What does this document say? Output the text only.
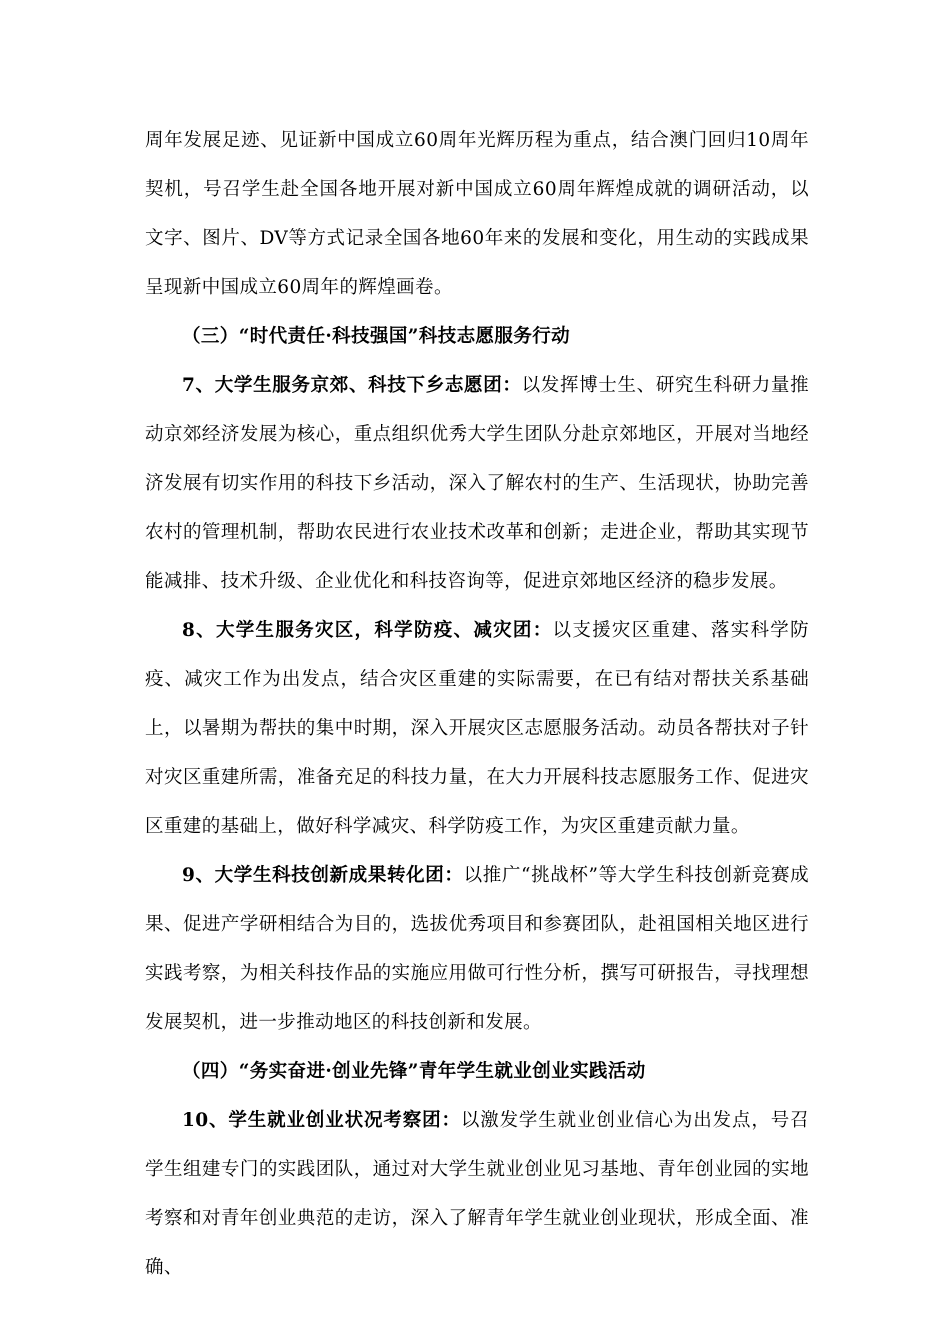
周年发展足迹、见证新中国成立60周年光辉历程为重点，结合澳门回归10周年契机，号召学生赴全国各地开展对新中国成立60周年辉煌成就的调研活动，以文字、图片、DV等方式记录全国各地60年来的发展和变化，用生动的实践成果呈现新中国成立60周年的辉煌画卷。

（三）“时代责任·科技强国”科技志愿服务行动

7、大学生服务京郊、科技下乡志愿团：以发挥博士生、研究生科研力量推动京郊经济发展为核心，重点组织优秀大学生团队分赴京郊地区，开展对当地经济发展有切实作用的科技下乡活动，深入了解农村的生产、生活现状，协助完善农村的管理机制，帮助农民进行农业技术改革和创新；走进企业，帮助其实现节能减排、技术升级、企业优化和科技咨询等，促进京郊地区经济的稳步发展。

8、大学生服务灾区，科学防疫、减灾团：以支援灾区重建、落实科学防疫、减灾工作为出发点，结合灾区重建的实际需要，在已有结对帮扶关系基础上，以暑期为帮扶的集中时期，深入开展灾区志愿服务活动。动员各帮扶对子针对灾区重建所需，准备充足的科技力量，在大力开展科技志愿服务工作、促进灾区重建的基础上，做好科学减灾、科学防疫工作，为灾区重建贡献力量。

9、大学生科技创新成果转化团：以推广“挑战杯”等大学生科技创新竞赛成果、促进产学研相结合为目的，选拔优秀项目和参赛团队，赴祖国相关地区进行实践考察，为相关科技作品的实施应用做可行性分析，撰写可研报告，寻找理想发展契机，进一步推动地区的科技创新和发展。

（四）“务实奋进·创业先锋”青年学生就业创业实践活动

10、学生就业创业状况考察团：以激发学生就业创业信心为出发点，号召学生组建专门的实践团队，通过对大学生就业创业见习基地、青年创业园的实地考察和对青年创业典范的走访，深入了解青年学生就业创业现状，形成全面、准确、
